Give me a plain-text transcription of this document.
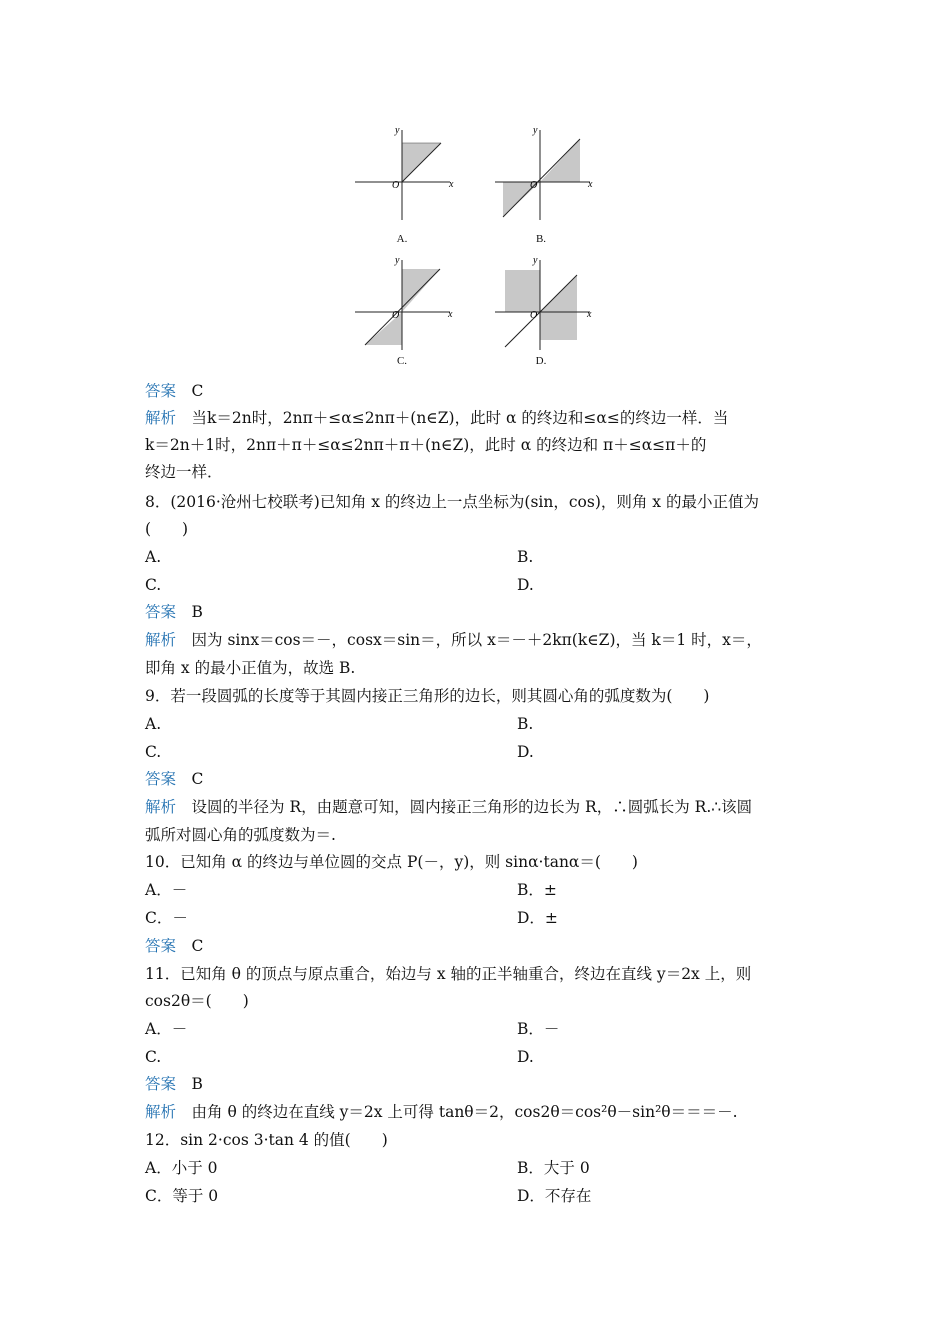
y
x
O
A.
y
x
O
B.
y
x
O
C.
y
x
O
D.
答案　 C
解析　 当k＝2n时，2nπ＋≤α≤2nπ＋(n∈Z)，此时 α 的终边和≤α≤的终边一样．当
k＝2n＋1时，2nπ＋π＋≤α≤2nπ＋π＋(n∈Z)，此时 α 的终边和 π＋≤α≤π＋的
终边一样．
8．(2016·沧州七校联考)已知角 x 的终边上一点坐标为(sin，cos)，则角 x 的最小正值为
(　　)
A.	B.
C.	D.
答案　 B
解析　 因为 sinx＝cos＝－，cosx＝sin＝，所以 x＝－＋2kπ(k∈Z)，当 k＝1 时，x＝，
即角 x 的最小正值为，故选 B.
9．若一段圆弧的长度等于其圆内接正三角形的边长，则其圆心角的弧度数为(　　)
A.	B.
C.	D.
答案　 C
解析　 设圆的半径为 R，由题意可知，圆内接正三角形的边长为 R，∴圆弧长为 R.∴该圆
弧所对圆心角的弧度数为＝.
10．已知角 α 的终边与单位圆的交点 P(－，y)，则 sinα·tanα＝(　　)
A．－	B．±
C．－	D．±
答案　 C
11．已知角 θ 的顶点与原点重合，始边与 x 轴的正半轴重合，终边在直线 y＝2x 上，则
cos2θ＝(　　)
A．－	B．－
C.	D.
答案　 B
解析　 由角 θ 的终边在直线 y＝2x 上可得 tanθ＝2，cos2θ＝cos²θ－sin²θ＝＝＝－.
12．sin 2·cos 3·tan 4 的值(　　)
A．小于 0	B．大于 0
C．等于 0	D．不存在
